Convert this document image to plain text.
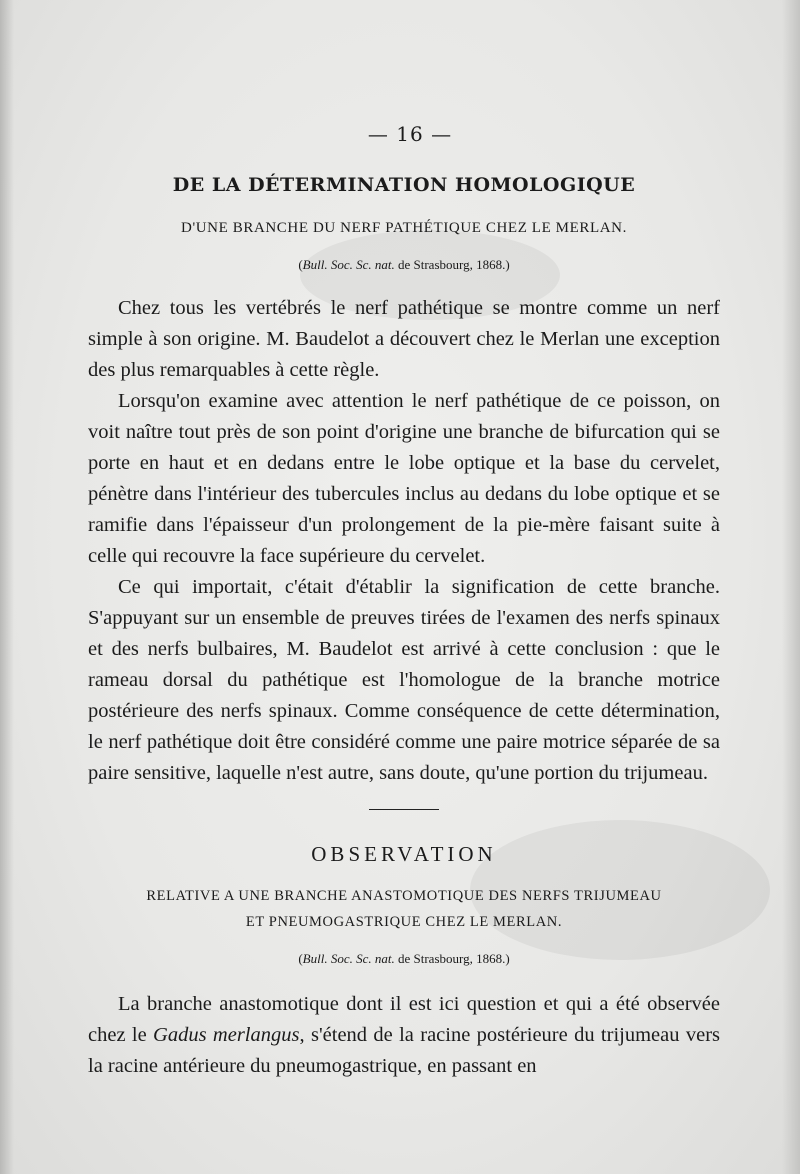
— 16 —
DE LA DÉTERMINATION HOMOLOGIQUE
D'UNE BRANCHE DU NERF PATHÉTIQUE CHEZ LE MERLAN.
(Bull. Soc. Sc. nat. de Strasbourg, 1868.)

Chez tous les vertébrés le nerf pathétique se montre comme un nerf simple à son origine. M. Baudelot a découvert chez le Merlan une exception des plus remarquables à cette règle.

Lorsqu'on examine avec attention le nerf pathétique de ce poisson, on voit naître tout près de son point d'origine une branche de bifurcation qui se porte en haut et en dedans entre le lobe optique et la base du cervelet, pénètre dans l'intérieur des tubercules inclus au dedans du lobe optique et se ramifie dans l'épaisseur d'un prolongement de la pie-mère faisant suite à celle qui recouvre la face supérieure du cervelet.

Ce qui importait, c'était d'établir la signification de cette branche. S'appuyant sur un ensemble de preuves tirées de l'examen des nerfs spinaux et des nerfs bulbaires, M. Baudelot est arrivé à cette conclusion : que le rameau dorsal du pathétique est l'homologue de la branche motrice postérieure des nerfs spinaux. Comme conséquence de cette détermination, le nerf pathétique doit être considéré comme une paire motrice séparée de sa paire sensitive, laquelle n'est autre, sans doute, qu'une portion du trijumeau.

OBSERVATION
RELATIVE A UNE BRANCHE ANASTOMOTIQUE DES NERFS TRIJUMEAU
ET PNEUMOGASTRIQUE CHEZ LE MERLAN.
(Bull. Soc. Sc. nat. de Strasbourg, 1868.)

La branche anastomotique dont il est ici question et qui a été observée chez le Gadus merlangus, s'étend de la racine postérieure du trijumeau vers la racine antérieure du pneumogastrique, en passant en
